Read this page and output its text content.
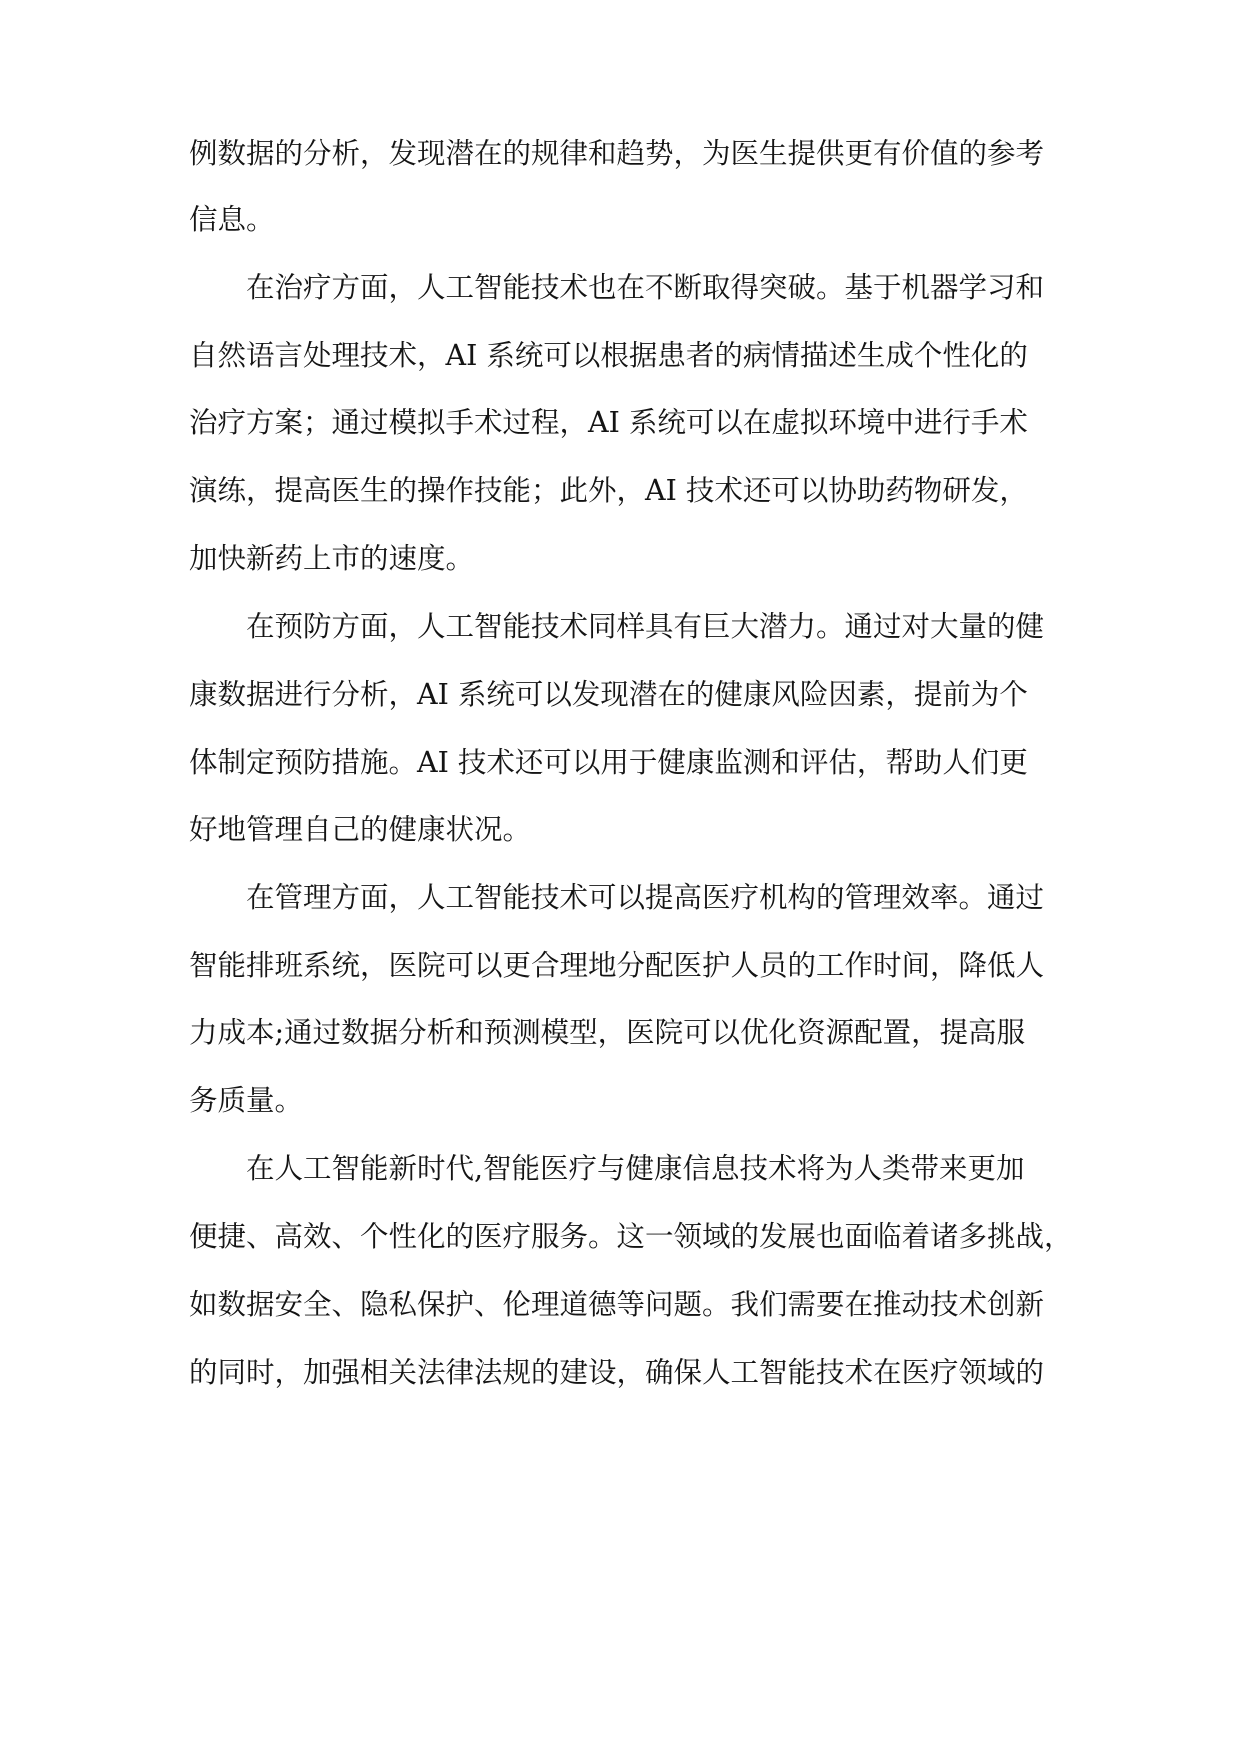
例数据的分析，发现潜在的规律和趋势，为医生提供更有价值的参考

信息。

在治疗方面，人工智能技术也在不断取得突破。基于机器学习和

自然语言处理技术，AI 系统可以根据患者的病情描述生成个性化的

治疗方案；通过模拟手术过程，AI 系统可以在虚拟环境中进行手术

演练，提高医生的操作技能；此外，AI 技术还可以协助药物研发，

加快新药上市的速度。

在预防方面，人工智能技术同样具有巨大潜力。通过对大量的健

康数据进行分析，AI 系统可以发现潜在的健康风险因素，提前为个

体制定预防措施。AI 技术还可以用于健康监测和评估，帮助人们更

好地管理自己的健康状况。

在管理方面，人工智能技术可以提高医疗机构的管理效率。通过

智能排班系统，医院可以更合理地分配医护人员的工作时间，降低人

力成本;通过数据分析和预测模型，医院可以优化资源配置，提高服

务质量。

在人工智能新时代,智能医疗与健康信息技术将为人类带来更加

便捷、高效、个性化的医疗服务。这一领域的发展也面临着诸多挑战，

如数据安全、隐私保护、伦理道德等问题。我们需要在推动技术创新

的同时，加强相关法律法规的建设，确保人工智能技术在医疗领域的
